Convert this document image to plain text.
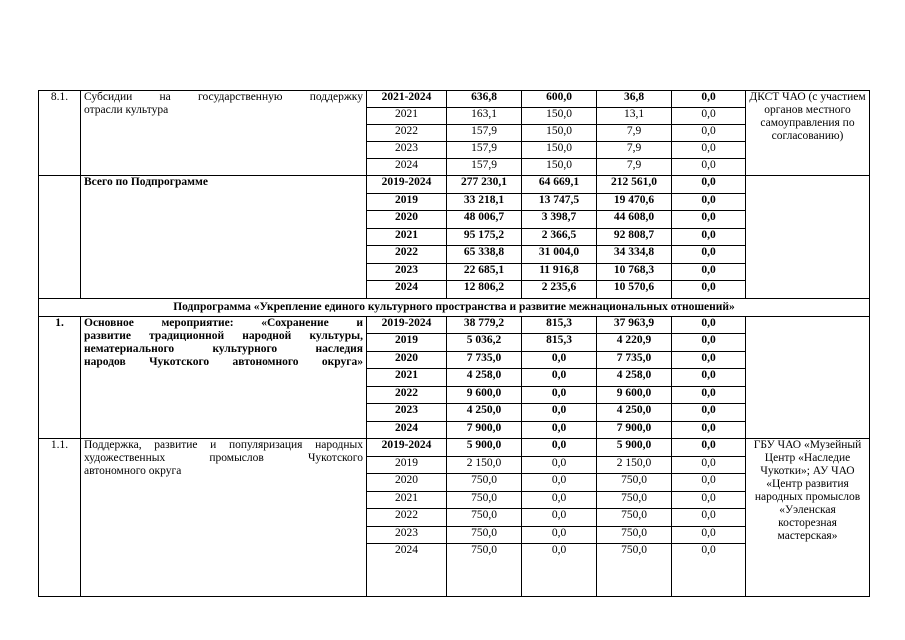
8.1.	Субсидии на государственную поддержку
отрасли культура	2021-2024	636,8	600,0	36,8	0,0	ДКСТ ЧАО (с участием органов местного самоуправления по согласованию)
		2021	163,1	150,0	13,1	0,0	
		2022	157,9	150,0	7,9	0,0	
		2023	157,9	150,0	7,9	0,0	
		2024	157,9	150,0	7,9	0,0	
	Всего по Подпрограмме	2019-2024	277 230,1	64 669,1	212 561,0	0,0	
		2019	33 218,1	13 747,5	19 470,6	0,0	
		2020	48 006,7	3 398,7	44 608,0	0,0	
		2021	95 175,2	2 366,5	92 808,7	0,0	
		2022	65 338,8	31 004,0	34 334,8	0,0	
		2023	22 685,1	11 916,8	10 768,3	0,0	
		2024	12 806,2	2 235,6	10 570,6	0,0	
Подпрограмма «Укрепление единого культурного пространства и развитие межнациональных отношений»							
1.	Основное мероприятие: «Сохранение и
развитие традиционной народной культуры,
нематериального культурного наследия
народов Чукотского автономного округа»	2019-2024	38 779,2	815,3	37 963,9	0,0	
		2019	5 036,2	815,3	4 220,9	0,0	
		2020	7 735,0	0,0	7 735,0	0,0	
		2021	4 258,0	0,0	4 258,0	0,0	
		2022	9 600,0	0,0	9 600,0	0,0	
		2023	4 250,0	0,0	4 250,0	0,0	
		2024	7 900,0	0,0	7 900,0	0,0	
1.1.	Поддержка, развитие и популяризация народных
художественных промыслов Чукотского
автономного округа	2019-2024	5 900,0	0,0	5 900,0	0,0	ГБУ ЧАО «Музейный Центр «Наследие Чукотки»; АУ ЧАО «Центр развития народных промыслов «Уэленская косторезная мастерская»
		2019	2 150,0	0,0	2 150,0	0,0	
		2020	750,0	0,0	750,0	0,0	
		2021	750,0	0,0	750,0	0,0	
		2022	750,0	0,0	750,0	0,0	
		2023	750,0	0,0	750,0	0,0	
		2024	750,0	0,0	750,0	0,0	
